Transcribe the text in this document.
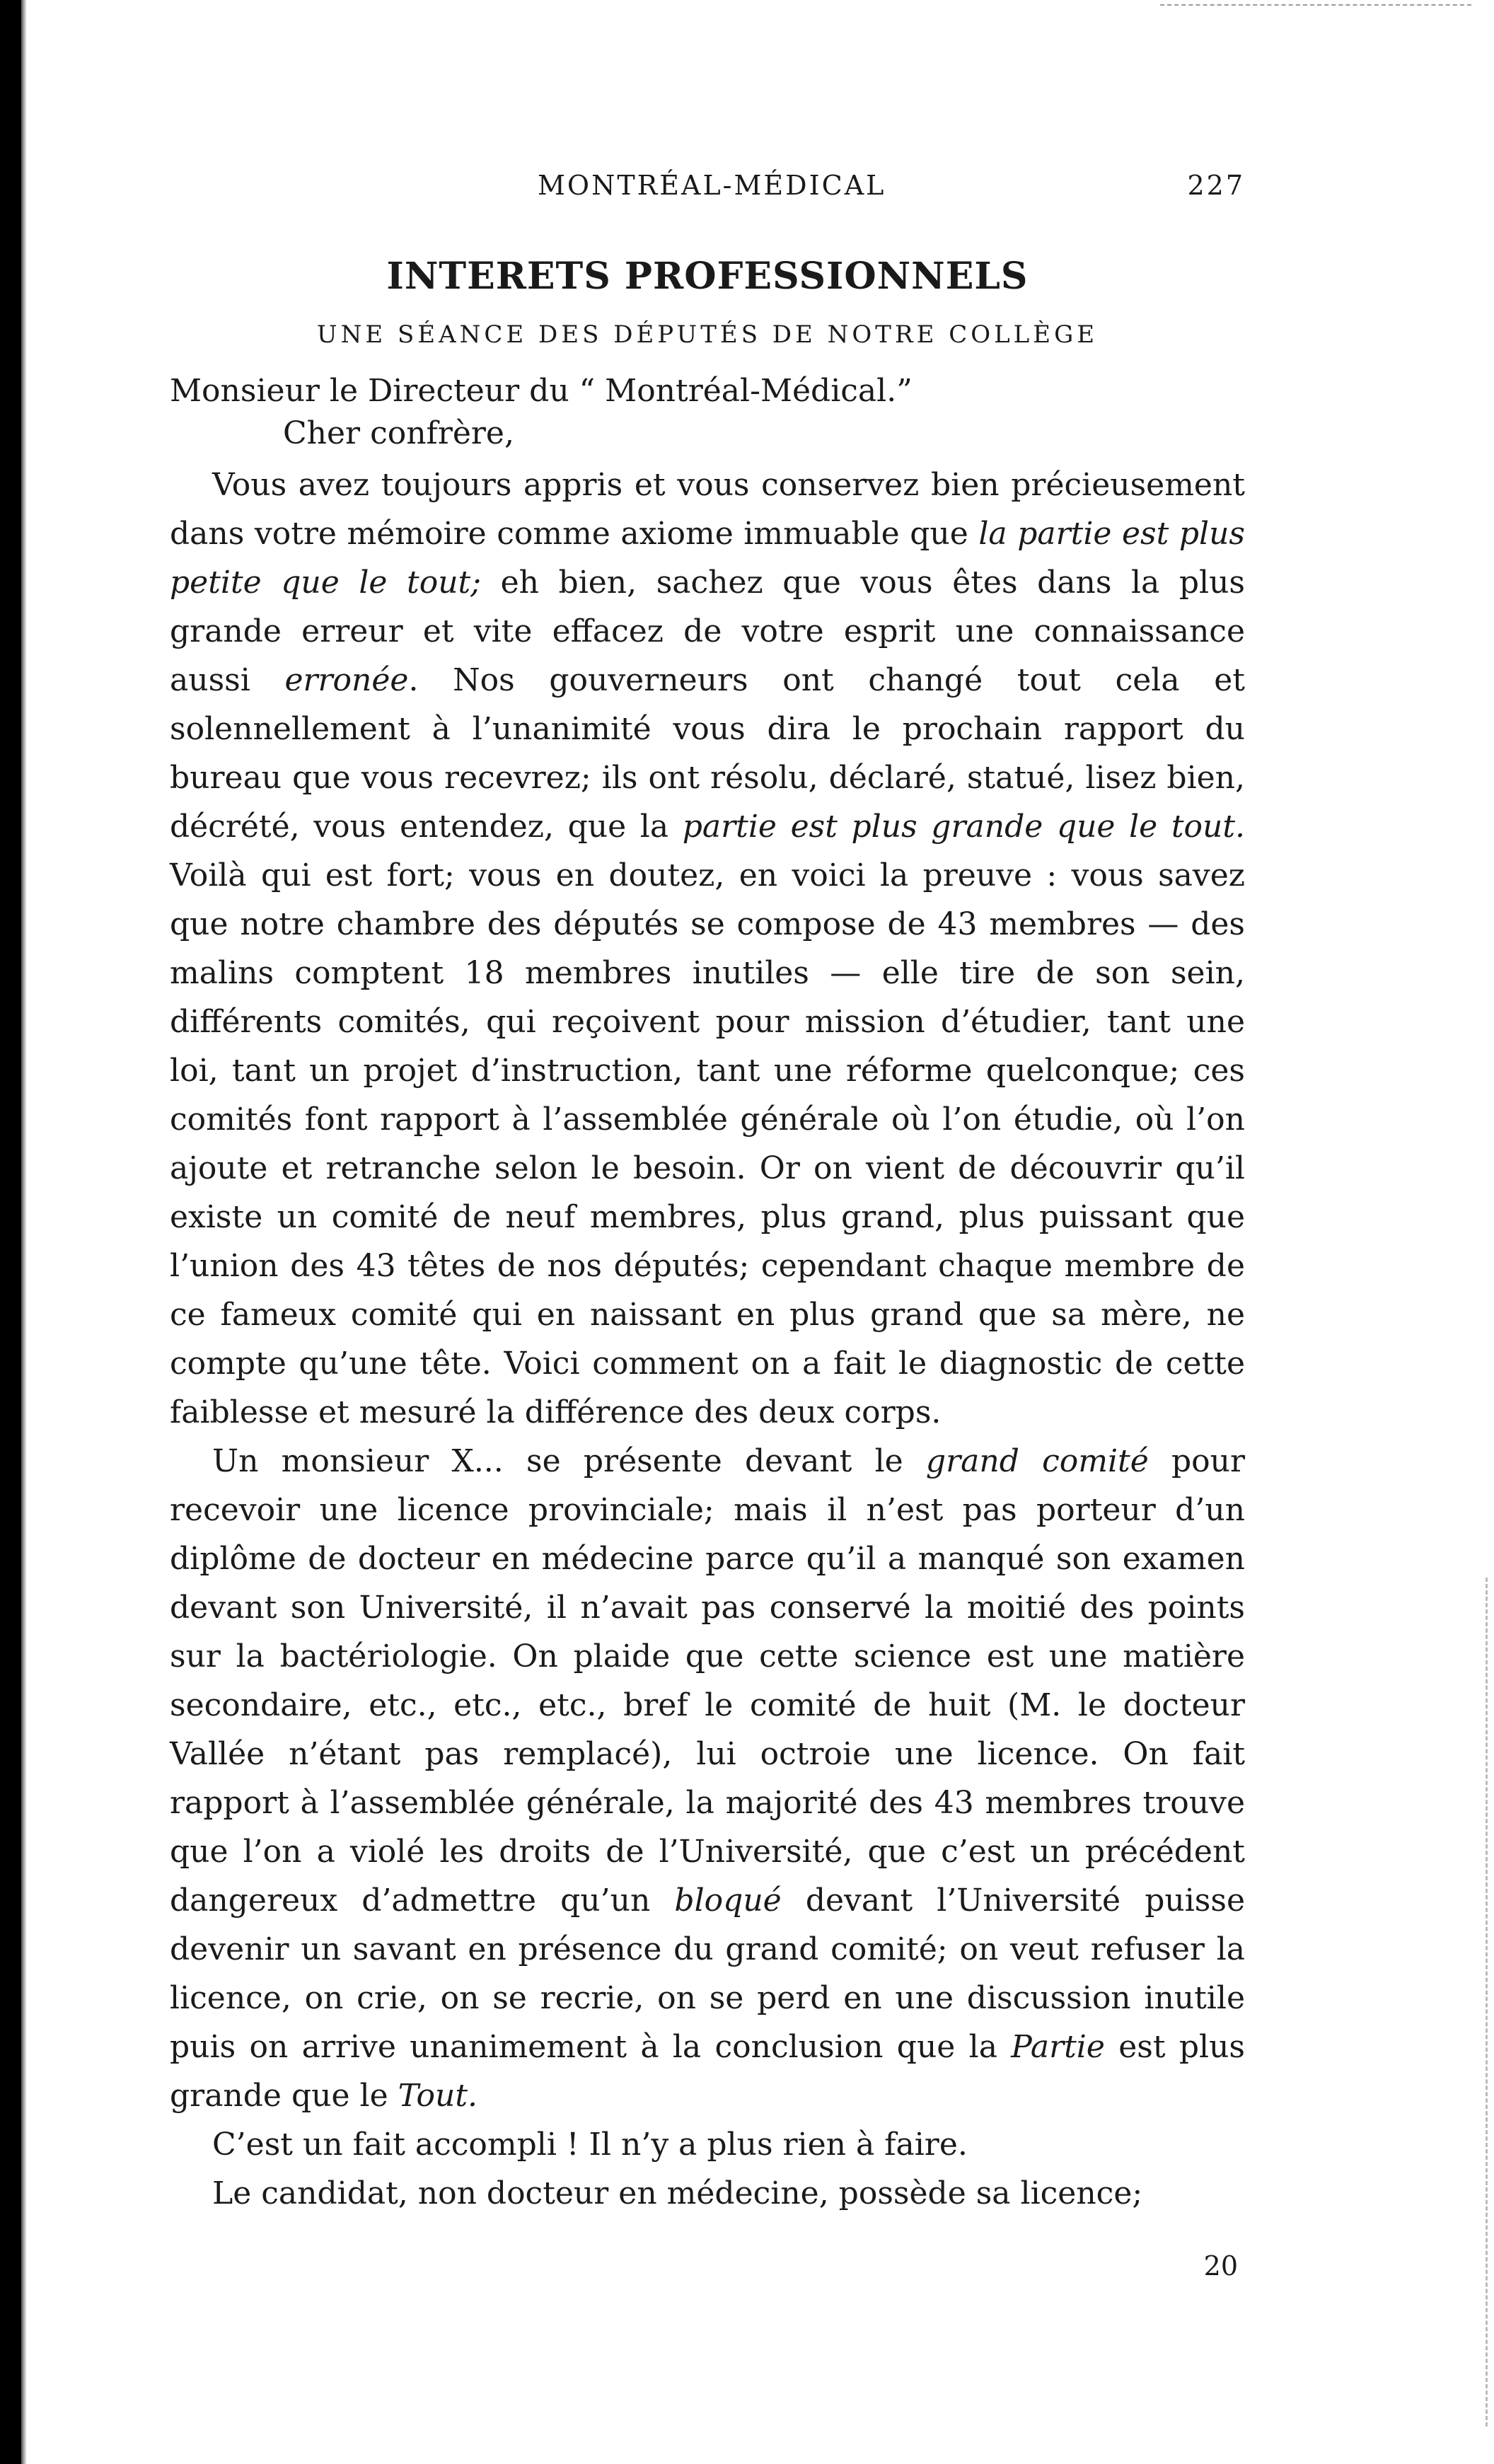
MONTRÉAL-MÉDICAL	227
INTERETS PROFESSIONNELS
UNE SÉANCE DES DÉPUTÉS DE NOTRE COLLÈGE
Monsieur le Directeur du “ Montréal-Médical.”
Cher confrère,

Vous avez toujours appris et vous conservez bien précieusement dans votre mémoire comme axiome immuable que la partie est plus petite que le tout; eh bien, sachez que vous êtes dans la plus grande erreur et vite effacez de votre esprit une connaissance aussi erronée. Nos gouverneurs ont changé tout cela et solennellement à l’unanimité vous dira le prochain rapport du bureau que vous recevrez; ils ont résolu, déclaré, statué, lisez bien, décrété, vous entendez, que la partie est plus grande que le tout. Voilà qui est fort; vous en doutez, en voici la preuve : vous savez que notre chambre des députés se compose de 43 membres — des malins comptent 18 membres inutiles — elle tire de son sein, différents comités, qui reçoivent pour mission d’étudier, tant une loi, tant un projet d’instruction, tant une réforme quelconque; ces comités font rapport à l’assemblée générale où l’on étudie, où l’on ajoute et retranche selon le besoin. Or on vient de découvrir qu’il existe un comité de neuf membres, plus grand, plus puissant que l’union des 43 têtes de nos députés; cependant chaque membre de ce fameux comité qui en naissant en plus grand que sa mère, ne compte qu’une tête. Voici comment on a fait le diagnostic de cette faiblesse et mesuré la différence des deux corps.

Un monsieur X... se présente devant le grand comité pour recevoir une licence provinciale; mais il n’est pas porteur d’un diplôme de docteur en médecine parce qu’il a manqué son examen devant son Université, il n’avait pas conservé la moitié des points sur la bactériologie. On plaide que cette science est une matière secondaire, etc., etc., etc., bref le comité de huit (M. le docteur Vallée n’étant pas remplacé), lui octroie une licence. On fait rapport à l’assemblée générale, la majorité des 43 membres trouve que l’on a violé les droits de l’Université, que c’est un précédent dangereux d’admettre qu’un bloqué devant l’Université puisse devenir un savant en présence du grand comité; on veut refuser la licence, on crie, on se recrie, on se perd en une discussion inutile puis on arrive unanimement à la conclusion que la Partie est plus grande que le Tout.

C’est un fait accompli ! Il n’y a plus rien à faire.

Le candidat, non docteur en médecine, possède sa licence;

20
